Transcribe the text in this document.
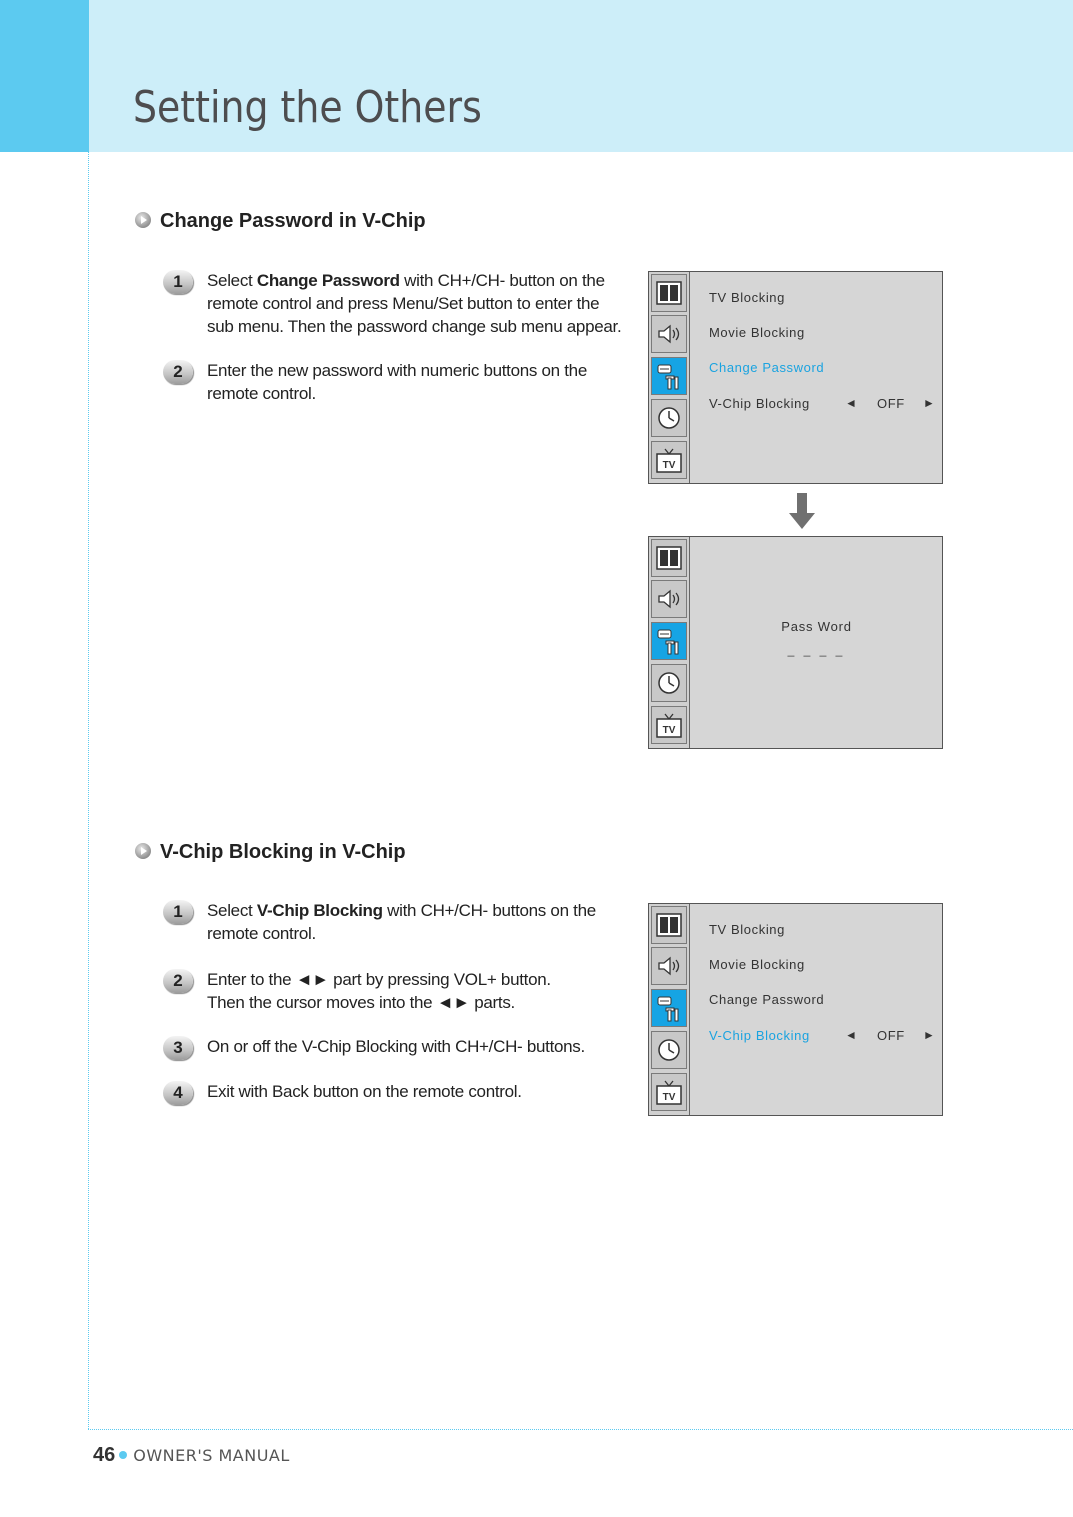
Setting the Others
Change Password in V-Chip
1	Select Change Password with CH+/CH- button on the remote control and press Menu/Set button to enter the sub menu. Then the password change sub menu appear.
2	Enter the new password with numeric buttons on the remote control.
TV
TV Blocking
Movie Blocking
Change Password
V-Chip Blocking	◄ OFF ►
TV
Pass Word
_ _ _ _
V-Chip Blocking in V-Chip
1	Select V-Chip Blocking with CH+/CH- buttons on the remote control.
2	Enter to the ◄► part by pressing VOL+ button.
Then the cursor moves into the ◄► parts.
3	On or off the V-Chip Blocking with CH+/CH- buttons.
4	Exit with Back button on the remote control.	TV
TV Blocking
Movie Blocking
Change Password
V-Chip Blocking	◄ OFF ►
46 OWNER'S MANUAL
